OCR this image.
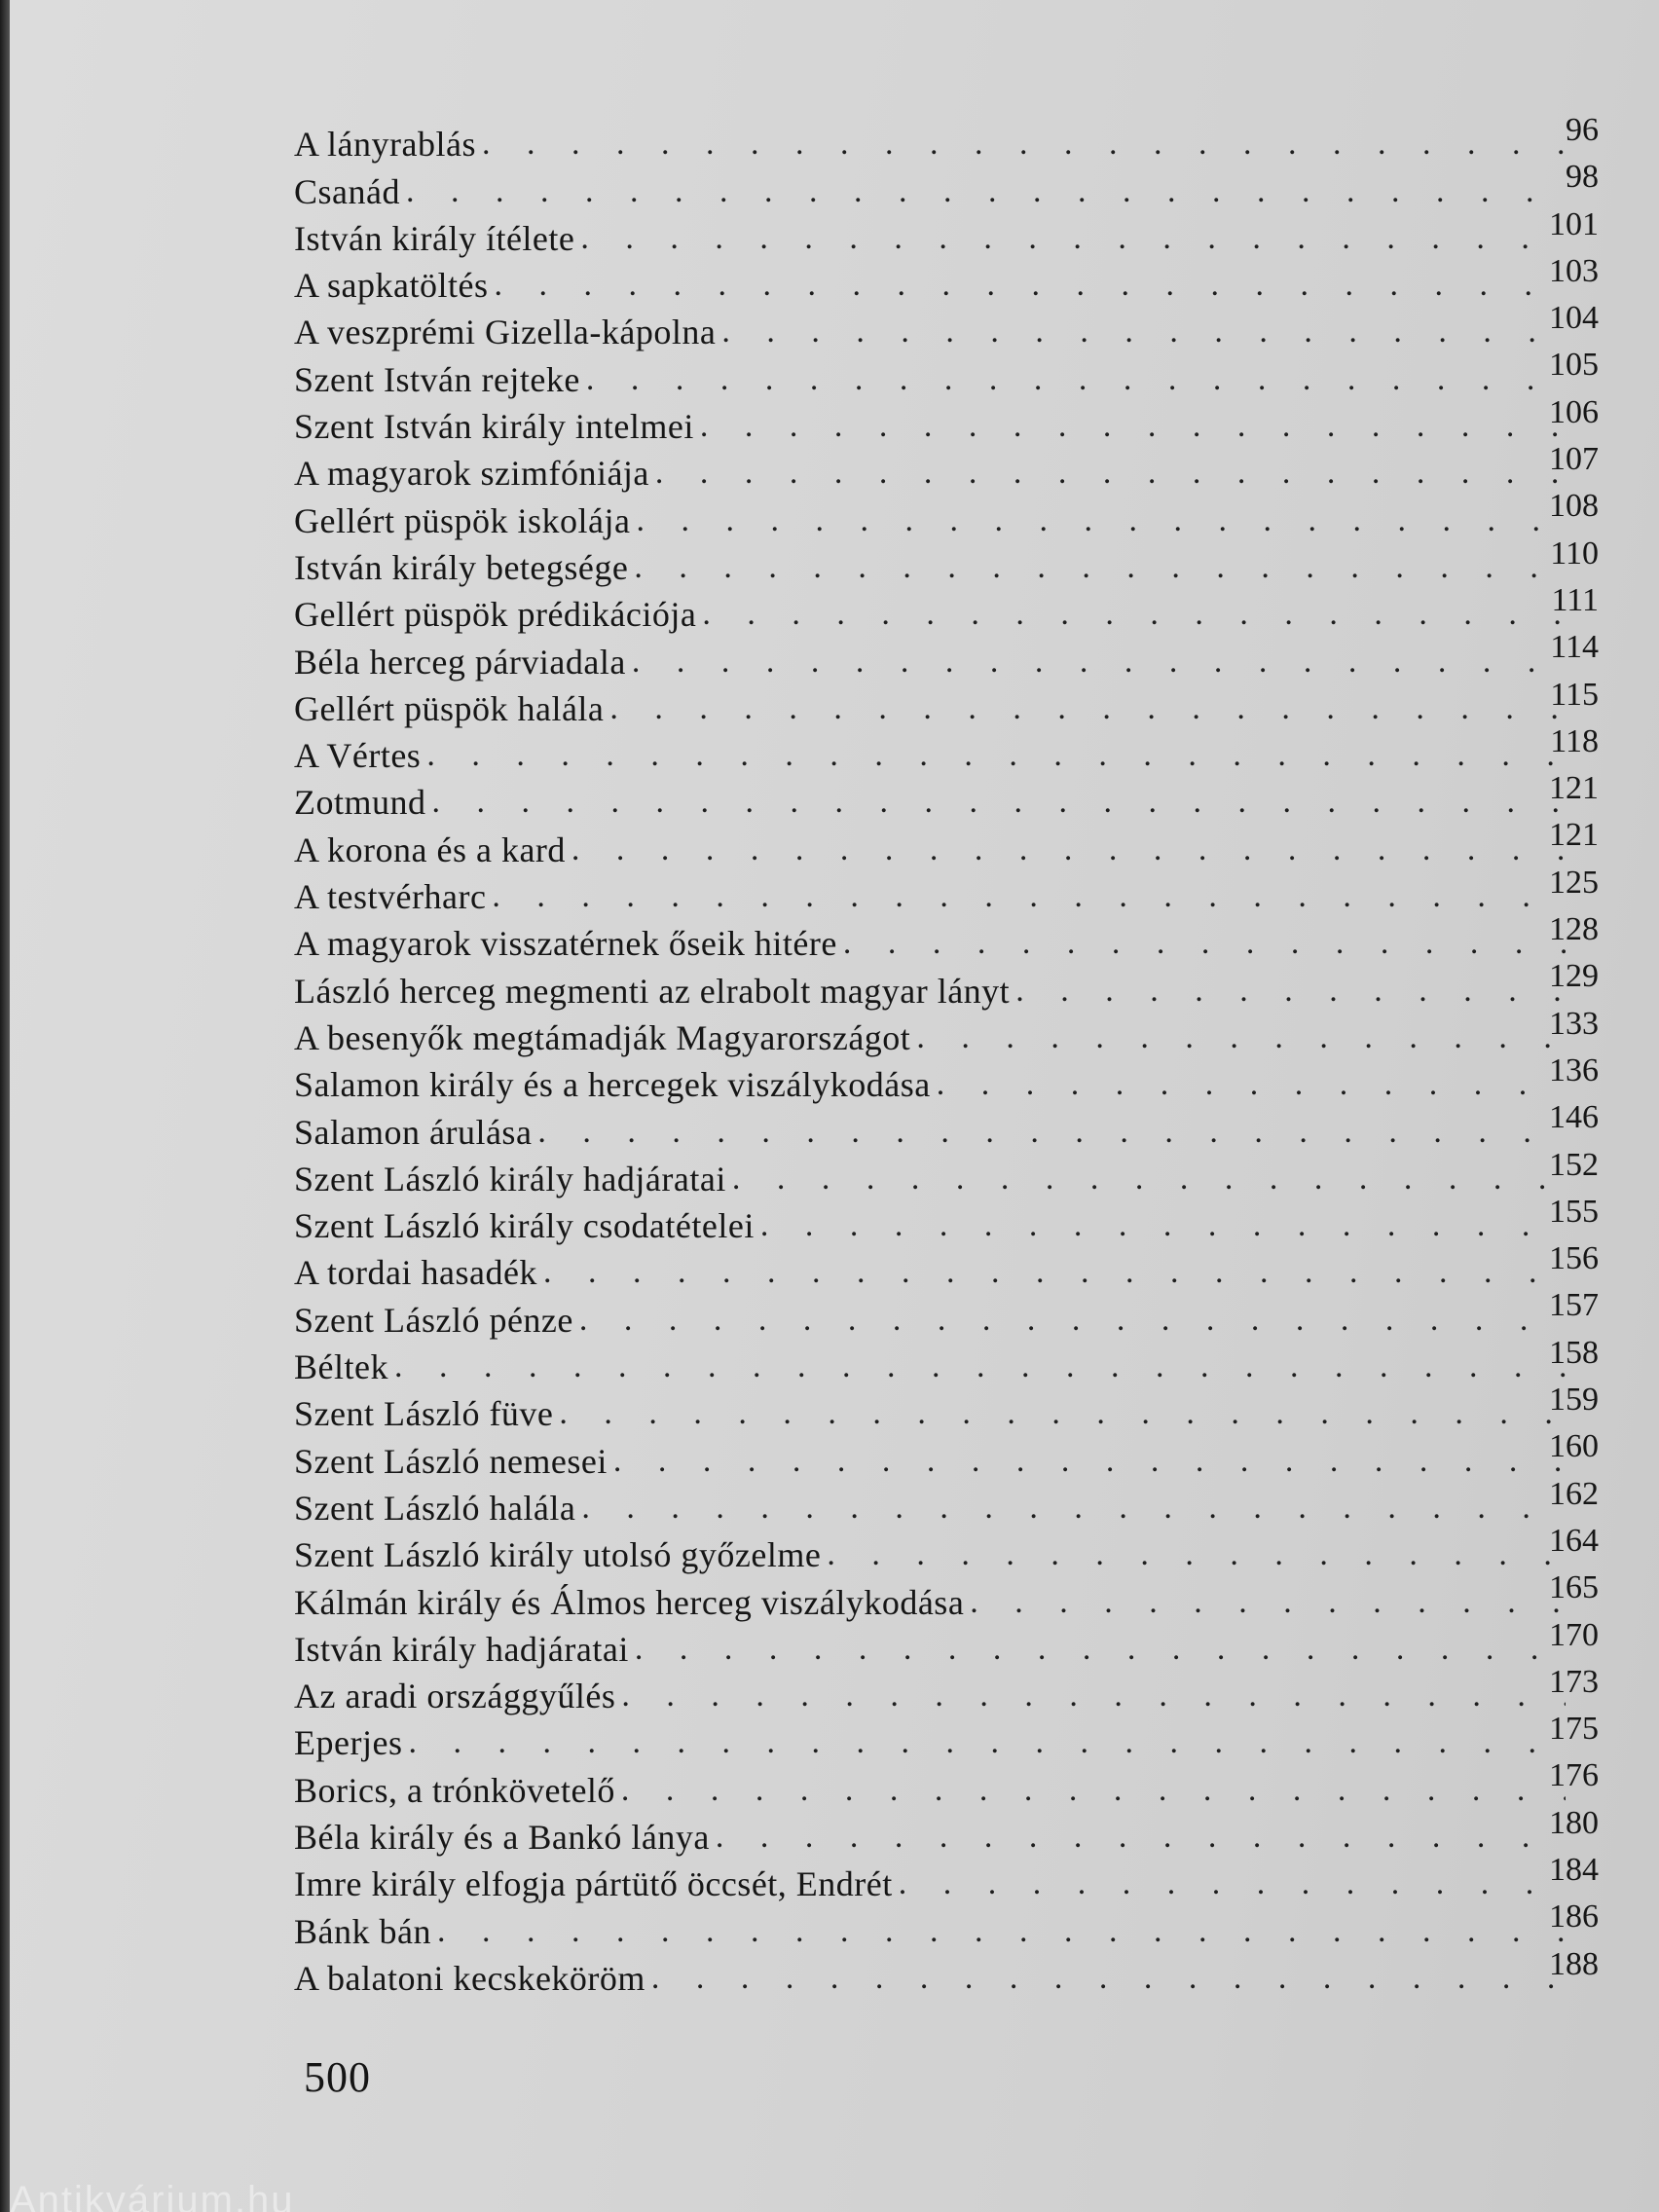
A lányrablás . . .	96
Csanád . . .	98
István király ítélete . . .	101
A sapkatöltés . . .	103
A veszprémi Gizella-kápolna . . .	104
Szent István rejteke . . .	105
Szent István király intelmei . . .	106
A magyarok szimfóniája . . .	107
Gellért püspök iskolája . . .	108
István király betegsége . . .	110
Gellért püspök prédikációja . . .	111
Béla herceg párviadala . . .	114
Gellért püspök halála . . .	115
A Vértes . . .	118
Zotmund . . .	121
A korona és a kard . . .	121
A testvérharc . . .	125
A magyarok visszatérnek őseik hitére . . .	128
László herceg megmenti az elrabolt magyar lányt . . .	129
A besenyők megtámadják Magyarországot . . .	133
Salamon király és a hercegek viszálykodása . . .	136
Salamon árulása . . .	146
Szent László király hadjáratai . . .	152
Szent László király csodatételei . . .	155
A tordai hasadék . . .	156
Szent László pénze . . .	157
Béltek . . .	158
Szent László füve . . .	159
Szent László nemesei . . .	160
Szent László halála . . .	162
Szent László király utolsó győzelme . . .	164
Kálmán király és Álmos herceg viszálykodása . . .	165
István király hadjáratai . . .	170
Az aradi országgyűlés . . .	173
Eperjes . . .	175
Borics, a trónkövetelő . . .	176
Béla király és a Bankó lánya . . .	180
Imre király elfogja pártütő öccsét, Endrét . . .	184
Bánk bán . . .	186
A balatoni kecskeköröm . . .	188
500
Antikvárium.hu
